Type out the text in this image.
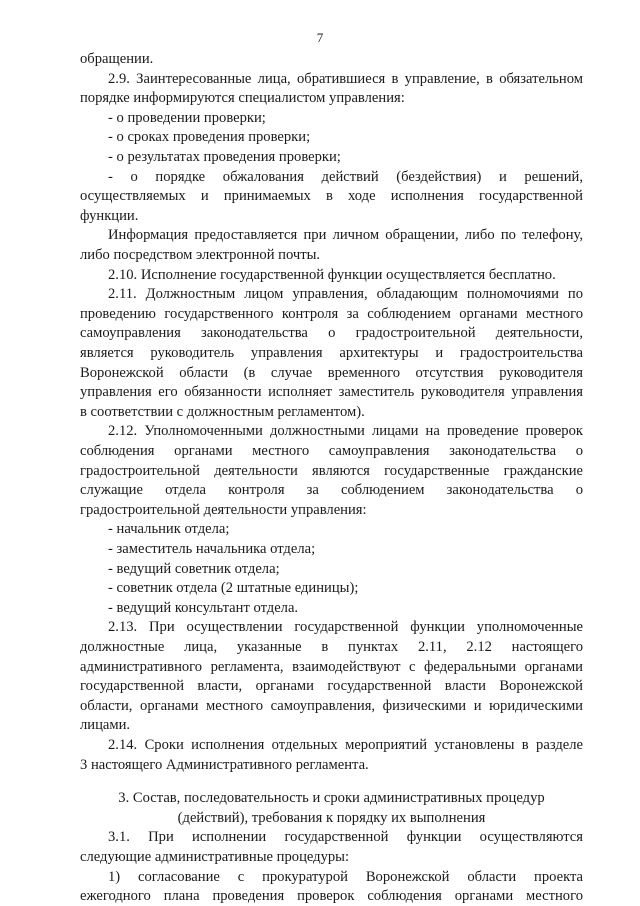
7
обращении.
2.9. Заинтересованные лица, обратившиеся в управление, в обязательном
порядке информируются специалистом управления:
- о проведении проверки;
- о сроках проведения проверки;
- о результатах проведения проверки;
- о порядке обжалования действий (бездействия) и решений,
осуществляемых и принимаемых в ходе исполнения государственной
функции.
Информация предоставляется при личном обращении, либо по телефону,
либо посредством электронной почты.
2.10. Исполнение государственной функции осуществляется бесплатно.
2.11. Должностным лицом управления, обладающим полномочиями по
проведению государственного контроля за соблюдением органами местного
самоуправления законодательства о градостроительной деятельности,
является руководитель управления архитектуры и градостроительства
Воронежской области (в случае временного отсутствия руководителя
управления его обязанности исполняет заместитель руководителя управления
в соответствии с должностным регламентом).
2.12. Уполномоченными должностными лицами на проведение проверок
соблюдения органами местного самоуправления законодательства о
градостроительной деятельности являются государственные гражданские
служащие отдела контроля за соблюдением законодательства о
градостроительной деятельности управления:
- начальник отдела;
- заместитель начальника отдела;
- ведущий советник отдела;
- советник отдела (2 штатные единицы);
- ведущий консультант отдела.
2.13. При осуществлении государственной функции уполномоченные
должностные лица, указанные в пунктах 2.11, 2.12 настоящего
административного регламента, взаимодействуют с федеральными органами
государственной власти, органами государственной власти Воронежской
области, органами местного самоуправления, физическими и юридическими
лицами.
2.14. Сроки исполнения отдельных мероприятий установлены в разделе
3 настоящего Административного регламента.
3. Состав, последовательность и сроки административных процедур
(действий), требования к порядку их выполнения
3.1. При исполнении государственной функции осуществляются
следующие административные процедуры:
1) согласование с прокуратурой Воронежской области проекта
ежегодного плана проведения проверок соблюдения органами местного
